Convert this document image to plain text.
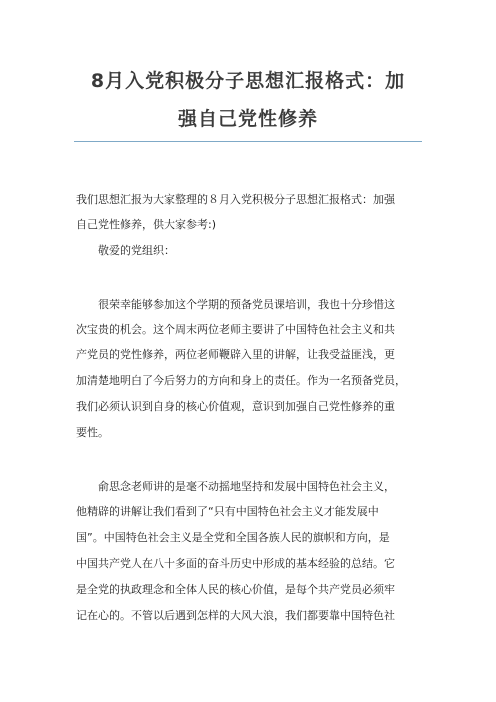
8月入党积极分子思想汇报格式：加
强自己党性修养

我们思想汇报为大家整理的８月入党积极分子思想汇报格式：加强

自己党性修养，供大家参考:)

敬爱的党组织：

很荣幸能够参加这个学期的预备党员课培训，我也十分珍惜这

次宝贵的机会。这个周末两位老师主要讲了中国特色社会主义和共

产党员的党性修养，两位老师鞭辟入里的讲解，让我受益匪浅，更

加清楚地明白了今后努力的方向和身上的责任。作为一名预备党员，

我们必须认识到自身的核心价值观，意识到加强自己党性修养的重

要性。

俞思念老师讲的是毫不动摇地坚持和发展中国特色社会主义，

他精辟的讲解让我们看到了“只有中国特色社会主义才能发展中

国”。中国特色社会主义是全党和全国各族人民的旗帜和方向，是

中国共产党人在八十多面的奋斗历史中形成的基本经验的总结。它

是全党的执政理念和全体人民的核心价值，是每个共产党员必须牢

记在心的。不管以后遇到怎样的大风大浪，我们都要靠中国特色社
